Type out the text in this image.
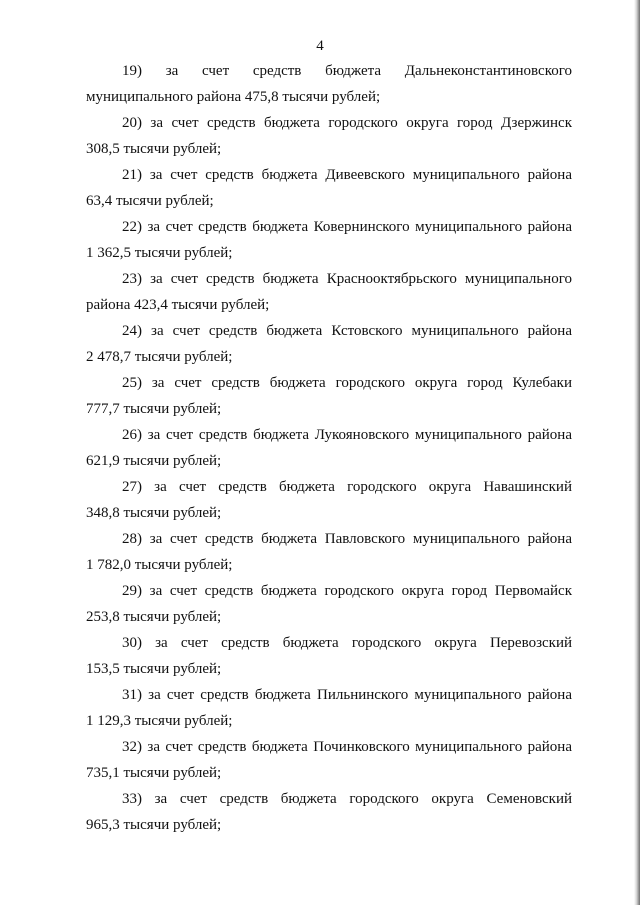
4

19) за счет средств бюджета Дальнеконстантиновского
муниципального района 475,8 тысячи рублей;

20) за счет средств бюджета городского округа город Дзержинск
308,5 тысячи рублей;

21) за счет средств бюджета Дивеевского муниципального района
63,4 тысячи рублей;

22) за счет средств бюджета Ковернинского муниципального района
1 362,5 тысячи рублей;

23) за счет средств бюджета Краснооктябрьского муниципального
района 423,4 тысячи рублей;

24) за счет средств бюджета Кстовского муниципального района
2 478,7 тысячи рублей;

25) за счет средств бюджета городского округа город Кулебаки
777,7 тысячи рублей;

26) за счет средств бюджета Лукояновского муниципального района
621,9 тысячи рублей;

27) за счет средств бюджета городского округа Навашинский
348,8 тысячи рублей;

28) за счет средств бюджета Павловского муниципального района
1 782,0 тысячи рублей;

29) за счет средств бюджета городского округа город Первомайск
253,8 тысячи рублей;

30) за счет средств бюджета городского округа Перевозский
153,5 тысячи рублей;

31) за счет средств бюджета Пильнинского муниципального района
1 129,3 тысячи рублей;

32) за счет средств бюджета Починковского муниципального района
735,1 тысячи рублей;

33) за счет средств бюджета городского округа Семеновский
965,3 тысячи рублей;
